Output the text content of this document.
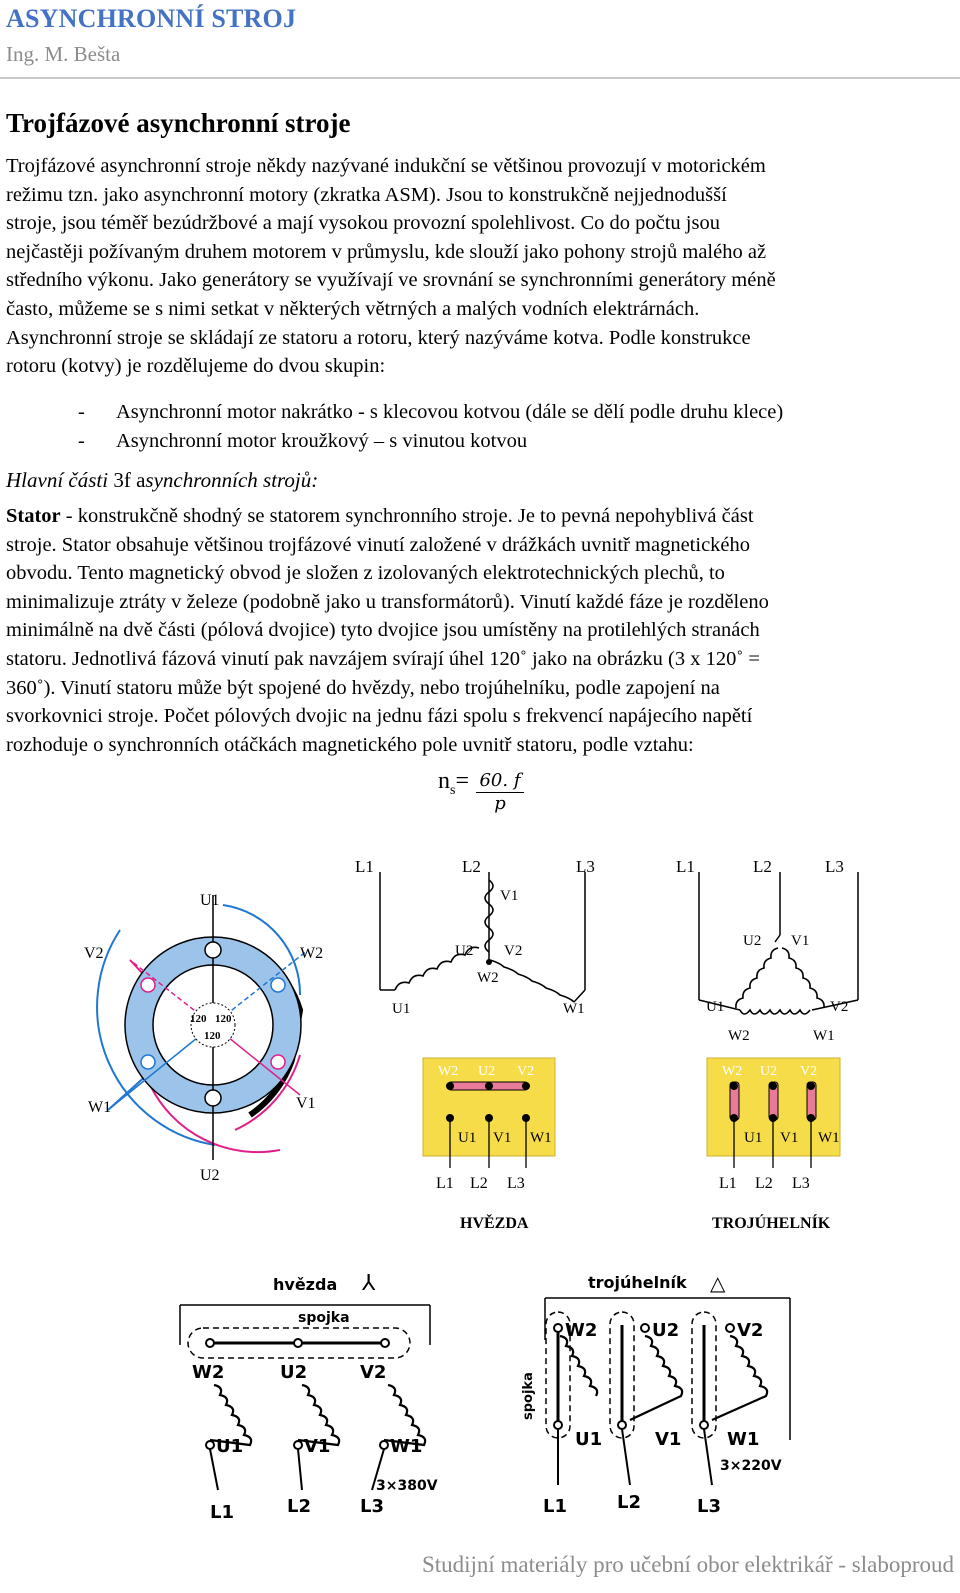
ASYNCHRONNÍ STROJ
Ing. M. Bešta
Trojfázové asynchronní stroje
Trojfázové asynchronní stroje někdy nazývané indukční se většinou provozují v motorickém
režimu tzn. jako asynchronní motory (zkratka ASM). Jsou to konstrukčně nejjednodušší
stroje, jsou téměř bezúdržbové a mají vysokou provozní spolehlivost. Co do počtu jsou
nejčastěji požívaným druhem motorem v průmyslu, kde slouží jako pohony strojů malého až
středního výkonu. Jako generátory se využívají ve srovnání se synchronními generátory méně
často, můžeme se s nimi setkat v některých větrných a malých vodních elektrárnách.
Asynchronní stroje se skládají ze statoru a rotoru, který nazýváme kotva. Podle konstrukce
rotoru (kotvy) je rozdělujeme do dvou skupin:
- Asynchronní motor nakrátko - s klecovou kotvou (dále se dělí podle druhu klece)
- Asynchronní motor kroužkový – s vinutou kotvou
Hlavní části 3f asynchronních strojů:
Stator - konstrukčně shodný se statorem synchronního stroje. Je to pevná nepohyblivá část
stroje. Stator obsahuje většinou trojfázové vinutí založené v drážkách uvnitř magnetického
obvodu. Tento magnetický obvod je složen z izolovaných elektrotechnických plechů, to
minimalizuje ztráty v železe (podobně jako u transformátorů). Vinutí každé fáze je rozděleno
minimálně na dvě části (pólová dvojice) tyto dvojice jsou umístěny na protilehlých stranách
statoru. Jednotlivá fázová vinutí pak navzájem svírají úhel 120˚ jako na obrázku (3 x 120˚ =
360˚). Vinutí statoru může být spojené do hvězdy, nebo trojúhelníku, podle zapojení na
svorkovnici stroje. Počet pólových dvojic na jednu fázi spolu s frekvencí napájecího napětí
rozhoduje o synchronních otáčkách magnetického pole uvnitř statoru, podle vztahu:
$n_s= \frac{60. f}{p}$
U1
U2
V1
V2
W1
W2
120 120
120
L1	L2	L3
V1
U2 V2
W2
U1	W1
W2 U2 V2
U1 V1 W1
L1 L2 L3
HVĚZDA
L1	L2	L3
U2 V1
U1	V2
W2	W1
W2 U2 V2
U1 V1 W1
L1 L2 L3
TROJÚHELNÍK
hvězda ⅄
spojka
W2	U2	V2
U1	V1	W1
L1	L2	L3
3×380V
trojúhelník △
spojka
W2	U2	V2
U1	V1	W1
L1	L2	L3
3×220V
Studijní materiály pro učební obor elektrikář - slaboproud
